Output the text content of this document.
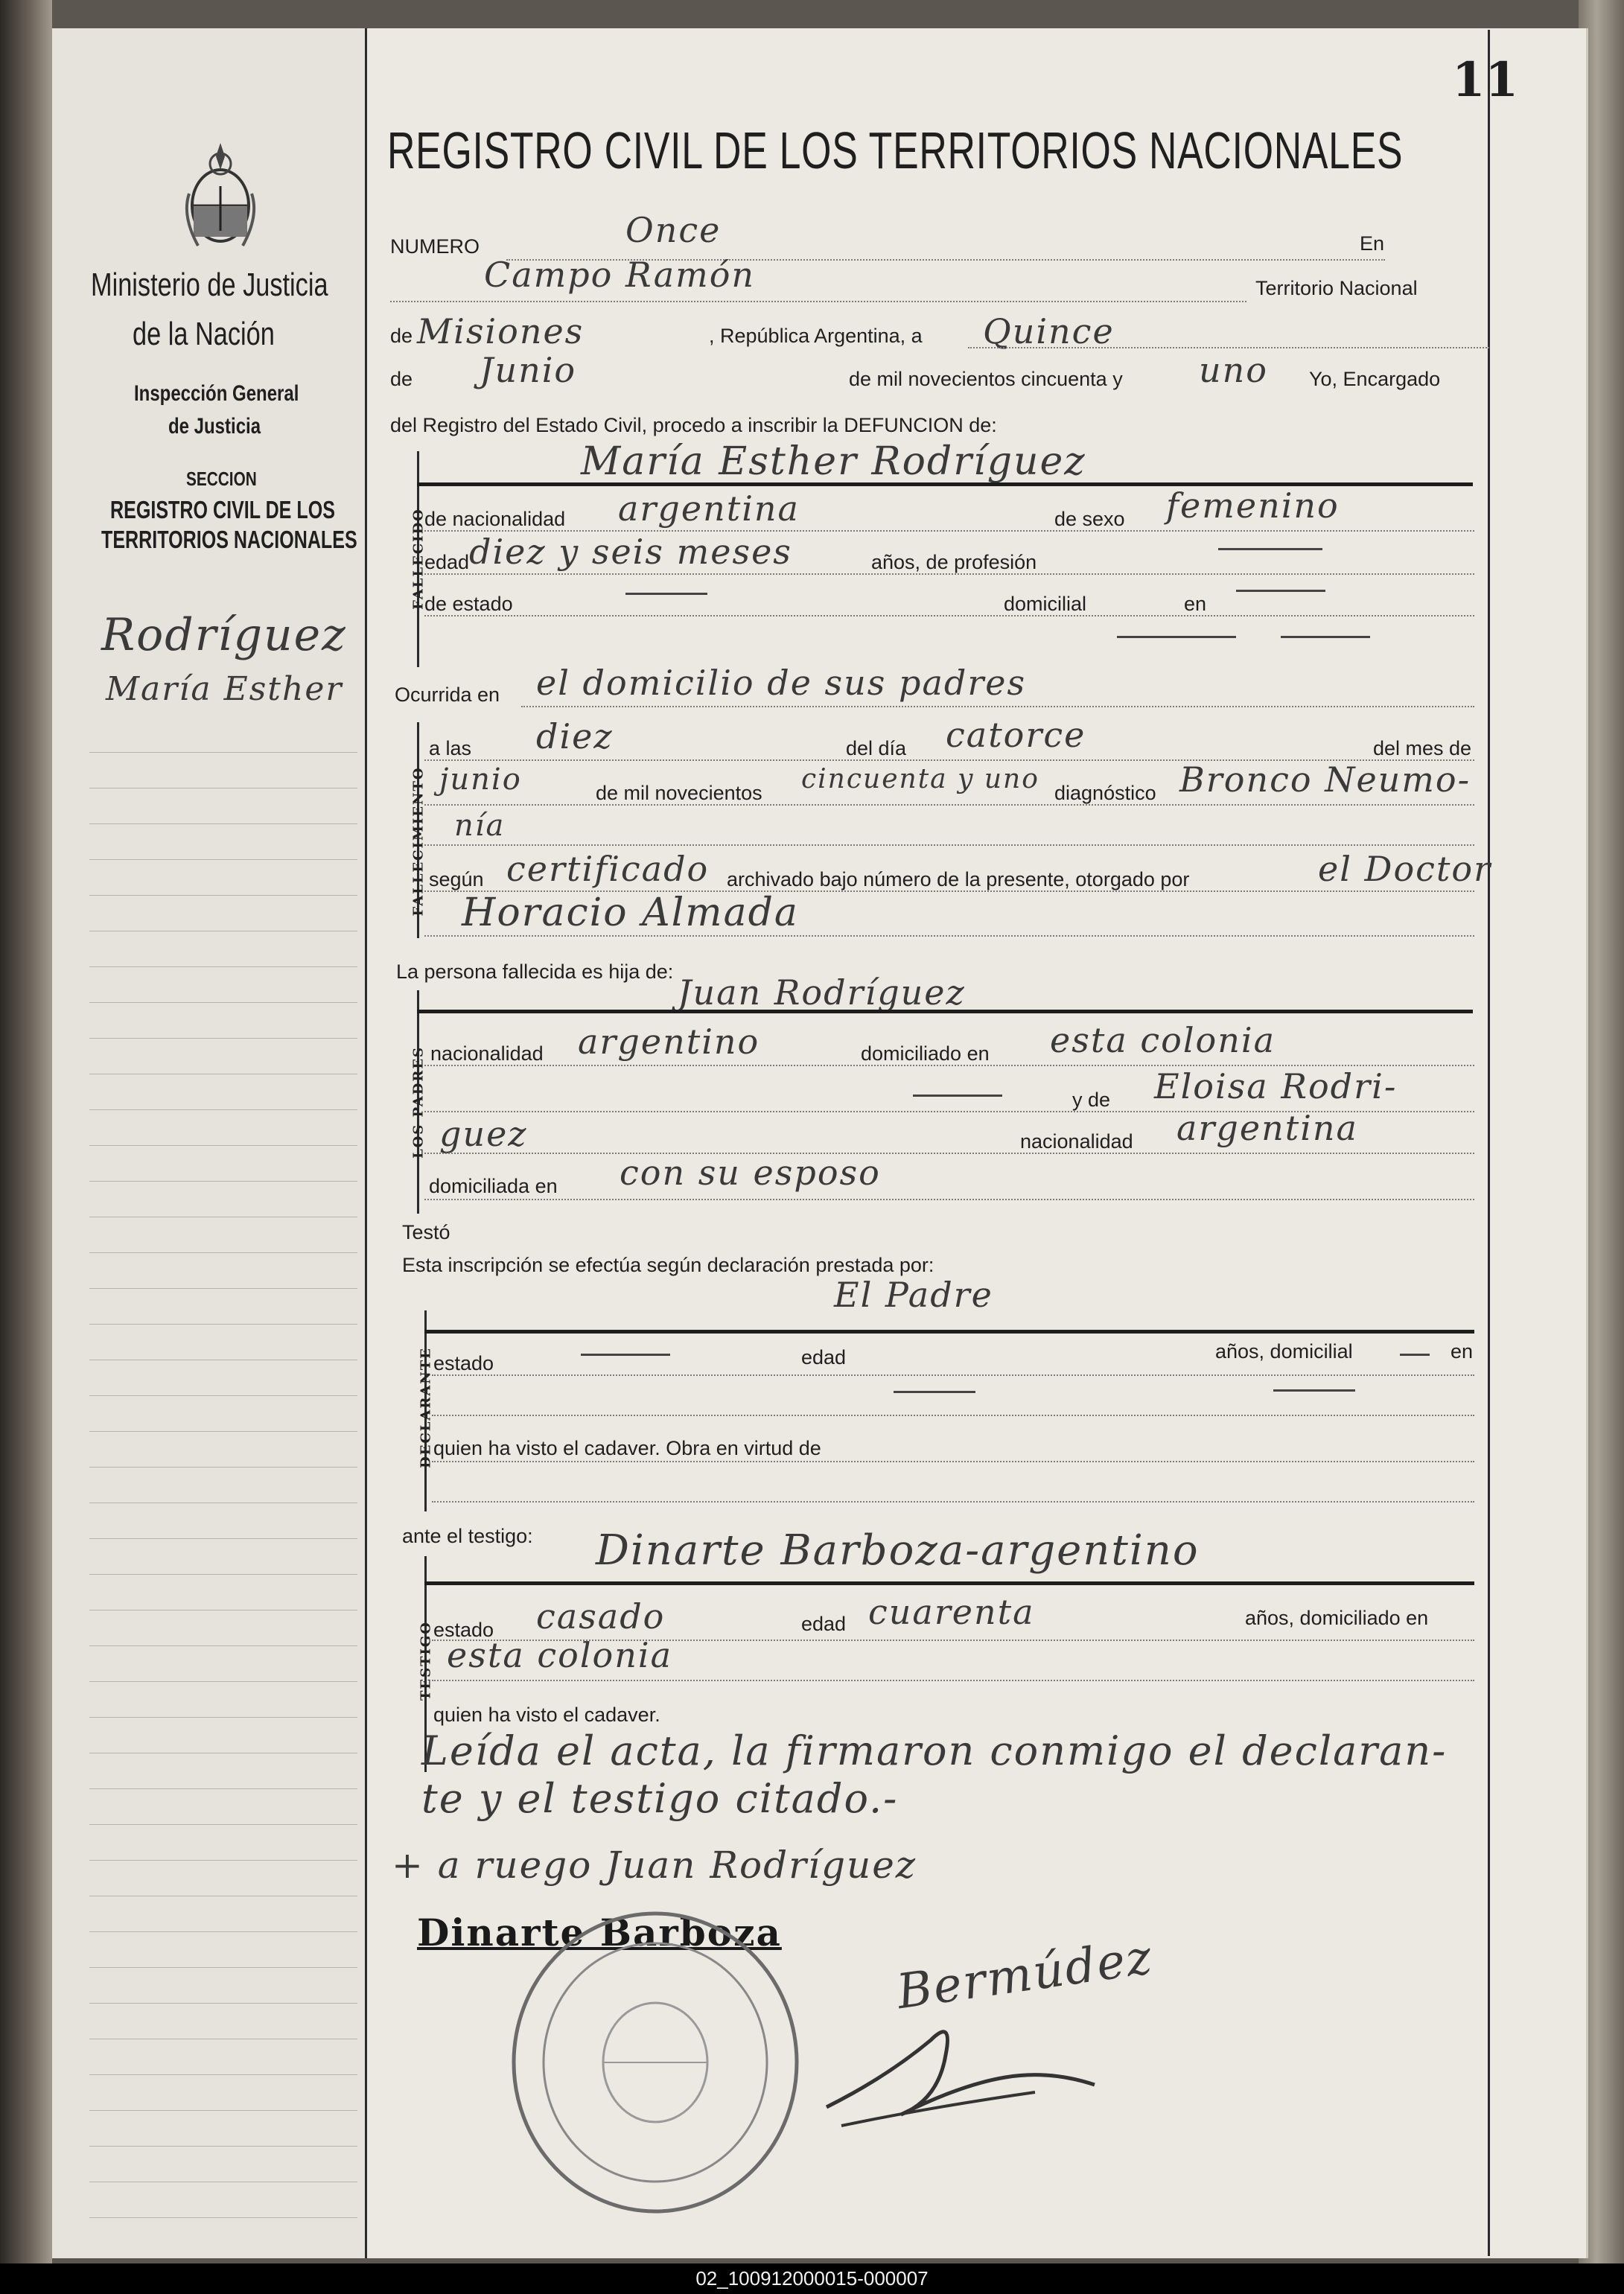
11
REGISTRO CIVIL DE LOS TERRITORIOS NACIONALES
Ministerio de Justicia
de la Nación
Inspección General
de Justicia
SECCION
REGISTRO CIVIL DE LOS
TERRITORIOS NACIONALES
Rodríguez
María Esther
NUMERO	Once	En
Campo Ramón	Territorio Nacional
de Misiones	, República Argentina, a Quince
de Junio	de mil novecientos cincuenta y uno Yo, Encargado
del Registro del Estado Civil, procedo a inscribir la DEFUNCION de:
FALLECIDO
María Esther Rodríguez
de nacionalidad argentina	de sexo femenino
edad diez y seis meses	años, de profesión
de estado	domicilial	en
Ocurrida en el domicilio de sus padres
FALLECIMIENTO
a las diez	del día catorce	del mes de
junio	de mil novecientos cincuenta y uno diagnóstico Bronco Neumo-
nía
según certificado archivado bajo número de la presente, otorgado por	el Doctor
Horacio Almada
La persona fallecida es hija de:
LOS PADRES
Juan Rodríguez
nacionalidad argentino	domiciliado en esta colonia
y de Eloisa Rodri-
guez	nacionalidad argentina
domiciliada en con su esposo
Testó
Esta inscripción se efectúa según declaración prestada por:
El Padre
DECLARANTE estado	edad	años, domicilial	en
quien ha visto el cadaver. Obra en virtud de
ante el testigo:
TESTIGO
Dinarte Barboza-argentino
estado casado	edad cuarenta	años, domiciliado en
esta colonia
quien ha visto el cadaver.
Leída el acta, la firmaron conmigo el declaran-
te y el testigo citado.-
+ a ruego Juan Rodríguez
Dinarte Barboza Bermúdez
02_100912000015-000007
